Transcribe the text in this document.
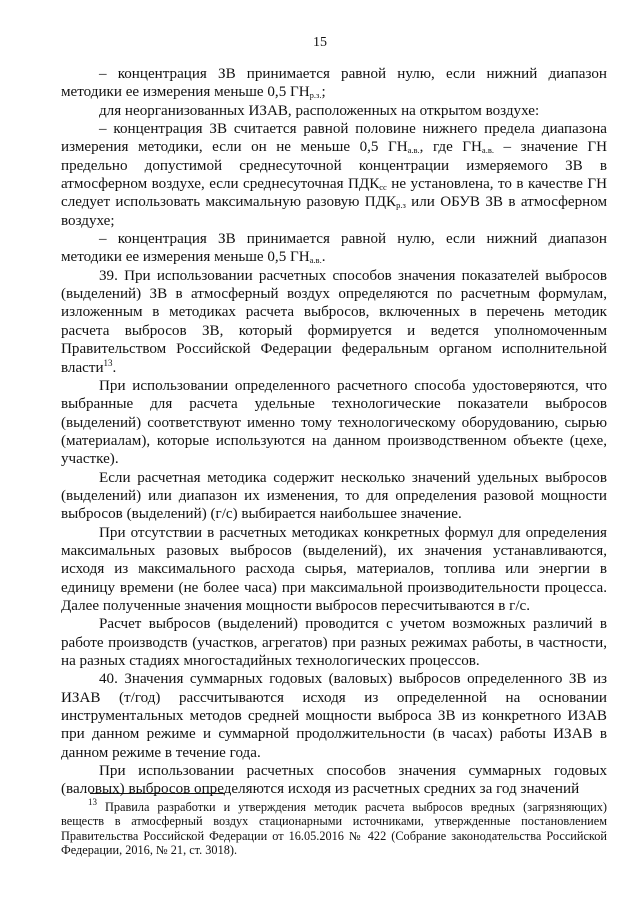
15

– концентрация ЗВ принимается равной нулю, если нижний диапазон методики ее измерения меньше 0,5 $ГН_{р.з.}$;

для неорганизованных ИЗАВ, расположенных на открытом воздухе:

– концентрация ЗВ считается равной половине нижнего предела диапазона измерения методики, если он не меньше 0,5 $ГН_{а.в.}$, где $ГН_{а.в.}$ – значение ГН предельно допустимой среднесуточной концентрации измеряемого ЗВ в атмосферном воздухе, если среднесуточная $ПДК_{сс}$ не установлена, то в качестве ГН следует использовать максимальную разовую $ПДК_{р.з}$ или ОБУВ ЗВ в атмосферном воздухе;

– концентрация ЗВ принимается равной нулю, если нижний диапазон методики ее измерения меньше 0,5 $ГН_{а.в.}$.

39. При использовании расчетных способов значения показателей выбросов (выделений) ЗВ в атмосферный воздух определяются по расчетным формулам, изложенным в методиках расчета выбросов, включенных в перечень методик расчета выбросов ЗВ, который формируется и ведется уполномоченным Правительством Российской Федерации федеральным органом исполнительной власти$^{13}$.

При использовании определенного расчетного способа удостоверяются, что выбранные для расчета удельные технологические показатели выбросов (выделений) соответствуют именно тому технологическому оборудованию, сырью (материалам), которые используются на данном производственном объекте (цехе, участке).

Если расчетная методика содержит несколько значений удельных выбросов (выделений) или диапазон их изменения, то для определения разовой мощности выбросов (выделений) (г/с) выбирается наибольшее значение.

При отсутствии в расчетных методиках конкретных формул для определения максимальных разовых выбросов (выделений), их значения устанавливаются, исходя из максимального расхода сырья, материалов, топлива или энергии в единицу времени (не более часа) при максимальной производительности процесса. Далее полученные значения мощности выбросов пересчитываются в г/с.

Расчет выбросов (выделений) проводится с учетом возможных различий в работе производств (участков, агрегатов) при разных режимах работы, в частности, на разных стадиях многостадийных технологических процессов.

40. Значения суммарных годовых (валовых) выбросов определенного ЗВ из ИЗАВ (т/год) рассчитываются исходя из определенной на основании инструментальных методов средней мощности выброса ЗВ из конкретного ИЗАВ при данном режиме и суммарной продолжительности (в часах) работы ИЗАВ в данном режиме в течение года.

При использовании расчетных способов значения суммарных годовых (валовых) выбросов определяются исходя из расчетных средних за год значений

$^{13}$ Правила разработки и утверждения методик расчета выбросов вредных (загрязняющих) веществ в атмосферный воздух стационарными источниками, утвержденные постановлением Правительства Российской Федерации от 16.05.2016 № 422 (Собрание законодательства Российской Федерации, 2016, № 21, ст. 3018).
